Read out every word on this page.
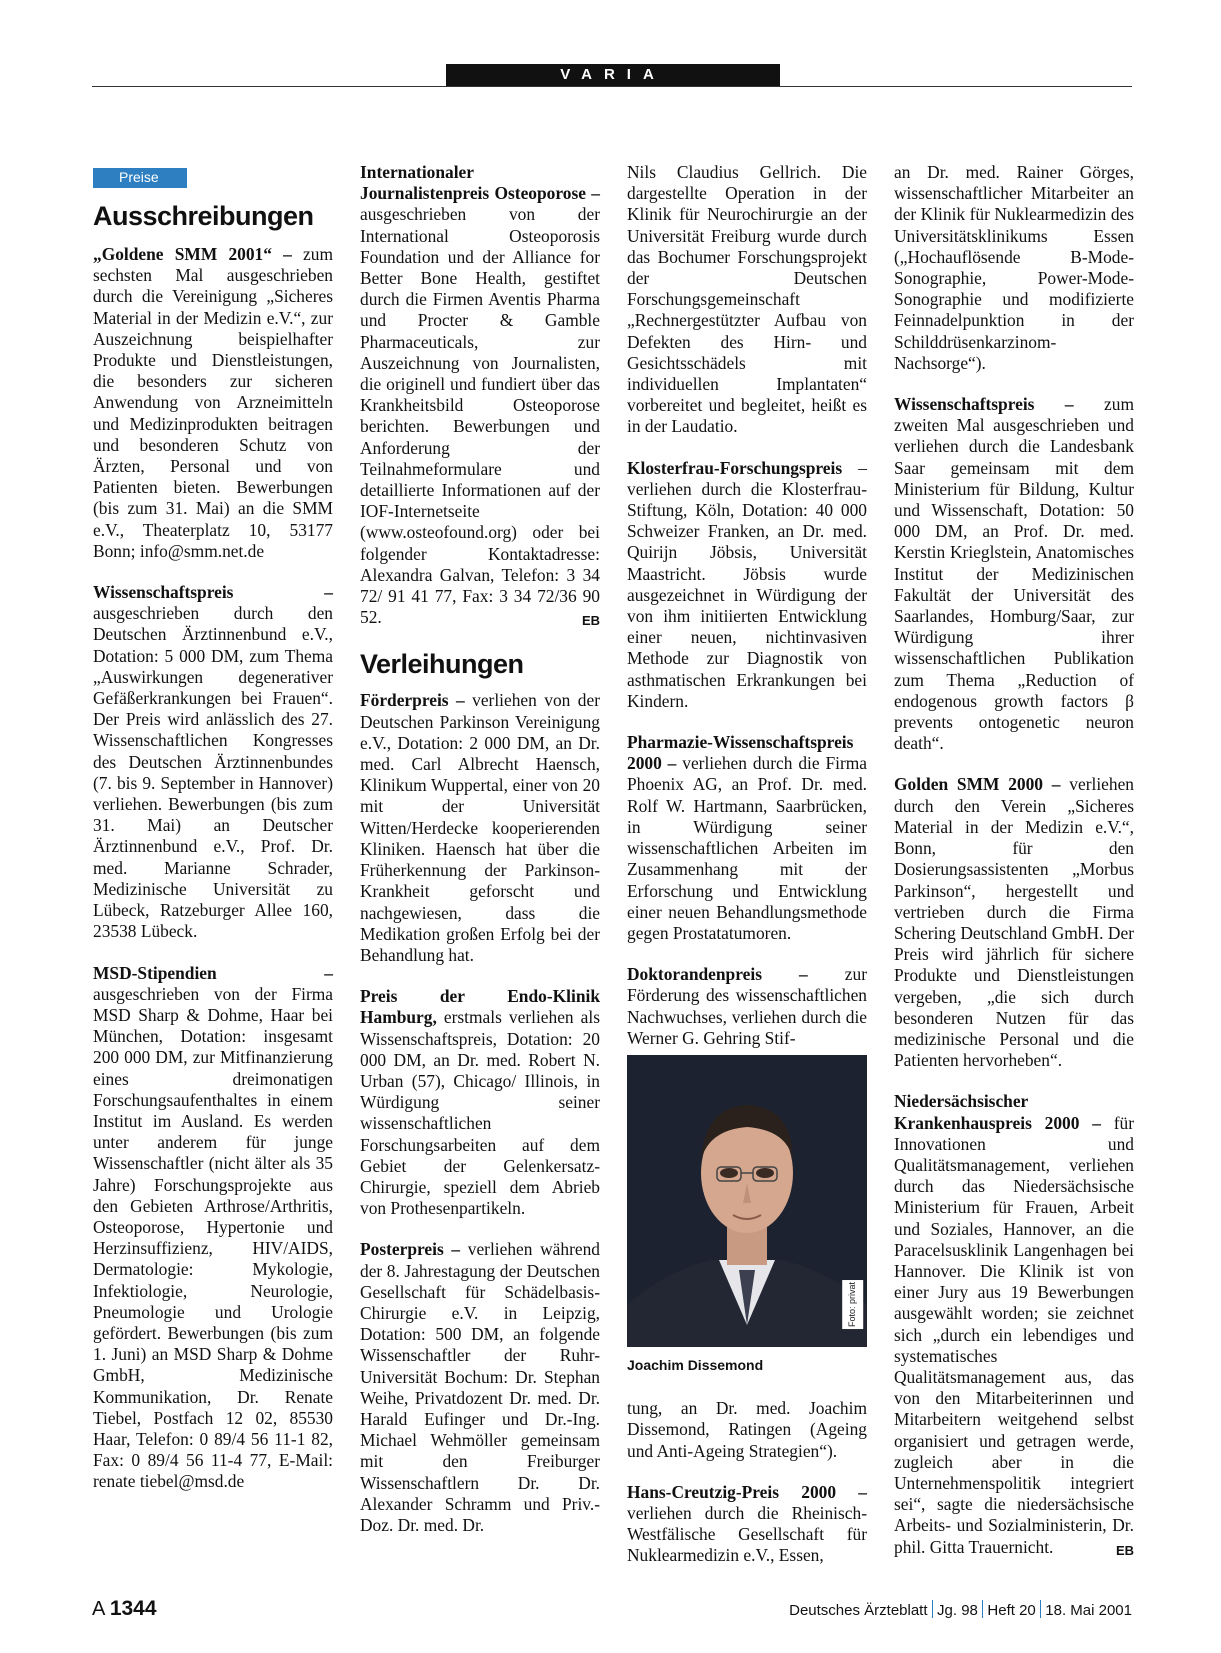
VARIA
Preise
Ausschreibungen

„Goldene SMM 2001“ – zum sechsten Mal ausgeschrieben durch die Vereinigung „Sicheres Material in der Medizin e.V.“, zur Auszeichnung beispielhafter Produkte und Dienstleistungen, die besonders zur sicheren Anwendung von Arzneimitteln und Medizinprodukten beitragen und besonderen Schutz von Ärzten, Personal und von Patienten bieten. Bewerbungen (bis zum 31. Mai) an die SMM e.V., Theaterplatz 10, 53177 Bonn; info@smm.net.de

Wissenschaftspreis – ausgeschrieben durch den Deutschen Ärztinnenbund e.V., Dotation: 5 000 DM, zum Thema „Auswirkungen degenerativer Gefäßerkrankungen bei Frauen“. Der Preis wird anlässlich des 27. Wissenschaftlichen Kongresses des Deutschen Ärztinnenbundes (7. bis 9. September in Hannover) verliehen. Bewerbungen (bis zum 31. Mai) an Deutscher Ärztinnenbund e.V., Prof. Dr. med. Marianne Schrader, Medizinische Universität zu Lübeck, Ratzeburger Allee 160, 23538 Lübeck.

MSD-Stipendien – ausgeschrieben von der Firma MSD Sharp & Dohme, Haar bei München, Dotation: insgesamt 200 000 DM, zur Mitfinanzierung eines dreimonatigen Forschungsaufenthaltes in einem Institut im Ausland. Es werden unter anderem für junge Wissenschaftler (nicht älter als 35 Jahre) Forschungsprojekte aus den Gebieten Arthrose/Arthritis, Osteoporose, Hypertonie und Herzinsuffizienz, HIV/AIDS, Dermatologie: Mykologie, Infektiologie, Neurologie, Pneumologie und Urologie gefördert. Bewerbungen (bis zum 1. Juni) an MSD Sharp & Dohme GmbH, Medizinische Kommunikation, Dr. Renate Tiebel, Postfach 12 02, 85530 Haar, Telefon: 0 89/4 56 11-1 82, Fax: 0 89/4 56 11-4 77, E-Mail: renate tiebel@msd.de

Internationaler Journalistenpreis Osteoporose – ausgeschrieben von der International Osteoporosis Foundation und der Alliance for Better Bone Health, gestiftet durch die Firmen Aventis Pharma und Procter & Gamble Pharmaceuticals, zur Auszeichnung von Journalisten, die originell und fundiert über das Krankheitsbild Osteoporose berichten. Bewerbungen und Anforderung der Teilnahmeformulare und detaillierte Informationen auf der IOF-Internetseite (www.osteofound.org) oder bei folgender Kontaktadresse: Alexandra Galvan, Telefon: 3 34 72/ 91 41 77, Fax: 3 34 72/36 90 52.	EB

Verleihungen

Förderpreis – verliehen von der Deutschen Parkinson Vereinigung e.V., Dotation: 2 000 DM, an Dr. med. Carl Albrecht Haensch, Klinikum Wuppertal, einer von 20 mit der Universität Witten/Herdecke kooperierenden Kliniken. Haensch hat über die Früherkennung der Parkinson-Krankheit geforscht und nachgewiesen, dass die Medikation großen Erfolg bei der Behandlung hat.

Preis der Endo-Klinik Hamburg, erstmals verliehen als Wissenschaftspreis, Dotation: 20 000 DM, an Dr. med. Robert N. Urban (57), Chicago/ Illinois, in Würdigung seiner wissenschaftlichen Forschungsarbeiten auf dem Gebiet der Gelenkersatz-Chirurgie, speziell dem Abrieb von Prothesenpartikeln.

Posterpreis – verliehen während der 8. Jahrestagung der Deutschen Gesellschaft für Schädelbasis-Chirurgie e.V. in Leipzig, Dotation: 500 DM, an folgende Wissenschaftler der Ruhr-Universität Bochum: Dr. Stephan Weihe, Privatdozent Dr. med. Dr. Harald Eufinger und Dr.-Ing. Michael Wehmöller gemeinsam mit den Freiburger Wissenschaftlern Dr. Dr. Alexander Schramm und Priv.-Doz. Dr. med. Dr.

Nils Claudius Gellrich. Die dargestellte Operation in der Klinik für Neurochirurgie an der Universität Freiburg wurde durch das Bochumer Forschungsprojekt der Deutschen Forschungsgemeinschaft „Rechnergestützter Aufbau von Defekten des Hirn- und Gesichtsschädels mit individuellen Implantaten“ vorbereitet und begleitet, heißt es in der Laudatio.

Klosterfrau-Forschungspreis – verliehen durch die Klosterfrau-Stiftung, Köln, Dotation: 40 000 Schweizer Franken, an Dr. med. Quirijn Jöbsis, Universität Maastricht. Jöbsis wurde ausgezeichnet in Würdigung der von ihm initiierten Entwicklung einer neuen, nichtinvasiven Methode zur Diagnostik von asthmatischen Erkrankungen bei Kindern.

Pharmazie-Wissenschaftspreis 2000 – verliehen durch die Firma Phoenix AG, an Prof. Dr. med. Rolf W. Hartmann, Saarbrücken, in Würdigung seiner wissenschaftlichen Arbeiten im Zusammenhang mit der Erforschung und Entwicklung einer neuen Behandlungsmethode gegen Prostatatumoren.

Doktorandenpreis – zur Förderung des wissenschaftlichen Nachwuchses, verliehen durch die Werner G. Gehring Stif-

Foto: privat
Joachim Dissemond

tung, an Dr. med. Joachim Dissemond, Ratingen (Ageing und Anti-Ageing Strategien“).

Hans-Creutzig-Preis 2000 – verliehen durch die Rheinisch-Westfälische Gesellschaft für Nuklearmedizin e.V., Essen,

an Dr. med. Rainer Görges, wissenschaftlicher Mitarbeiter an der Klinik für Nuklearmedizin des Universitätsklinikums Essen („Hochauflösende B-Mode-Sonographie, Power-Mode-Sonographie und modifizierte Feinnadelpunktion in der Schilddrüsenkarzinom-Nachsorge“).

Wissenschaftspreis – zum zweiten Mal ausgeschrieben und verliehen durch die Landesbank Saar gemeinsam mit dem Ministerium für Bildung, Kultur und Wissenschaft, Dotation: 50 000 DM, an Prof. Dr. med. Kerstin Krieglstein, Anatomisches Institut der Medizinischen Fakultät der Universität des Saarlandes, Homburg/Saar, zur Würdigung ihrer wissenschaftlichen Publikation zum Thema „Reduction of endogenous growth factors β prevents ontogenetic neuron death“.

Golden SMM 2000 – verliehen durch den Verein „Sicheres Material in der Medizin e.V.“, Bonn, für den Dosierungsassistenten „Morbus Parkinson“, hergestellt und vertrieben durch die Firma Schering Deutschland GmbH. Der Preis wird jährlich für sichere Produkte und Dienstleistungen vergeben, „die sich durch besonderen Nutzen für das medizinische Personal und die Patienten hervorheben“.

Niedersächsischer Krankenhauspreis 2000 – für Innovationen und Qualitätsmanagement, verliehen durch das Niedersächsische Ministerium für Frauen, Arbeit und Soziales, Hannover, an die Paracelsusklinik Langenhagen bei Hannover. Die Klinik ist von einer Jury aus 19 Bewerbungen ausgewählt worden; sie zeichnet sich „durch ein lebendiges und systematisches Qualitätsmanagement aus, das von den Mitarbeiterinnen und Mitarbeitern weitgehend selbst organisiert und getragen werde, zugleich aber in die Unternehmenspolitik integriert sei“, sagte die niedersächsische Arbeits- und Sozialministerin, Dr. phil. Gitta Trauernicht.	EB

A 1344	Deutsches Ärzteblatt Jg. 98 Heft 20 18. Mai 2001
